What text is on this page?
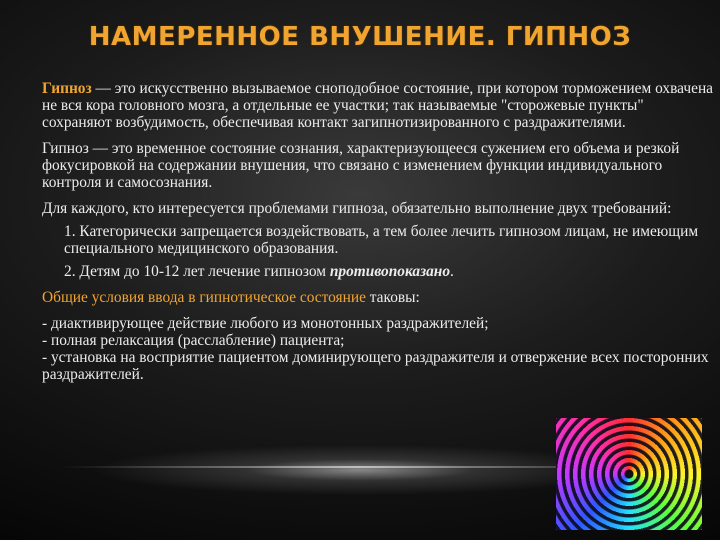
НАМЕРЕННОЕ ВНУШЕНИЕ. ГИПНОЗ

Гипноз — это искусственно вызываемое сноподобное состояние, при котором торможением охвачена не вся кора головного мозга, а отдельные ее участки; так называемые "сторожевые пункты" сохраняют возбудимость, обеспечивая контакт загипнотизированного с раздражителями.

Гипноз — это временное состояние сознания, характеризующееся сужением его объема и резкой фокусировкой на содержании внушения, что связано с изменением функции индивидуального контроля и самосознания.

Для каждого, кто интересуется проблемами гипноза, обязательно выполнение двух требований:

1. Категорически запрещается воздействовать, а тем более лечить гипнозом лицам, не имеющим специального медицинского образования.

2. Детям до 10-12 лет лечение гипнозом противопоказано.

Общие условия ввода в гипнотическое состояние таковы:

- диактивирующее действие любого из монотонных раздражителей;
- полная релаксация (расслабление) пациента;
- установка на восприятие пациентом доминирующего раздражителя и отвержение всех посторонних раздражителей.
